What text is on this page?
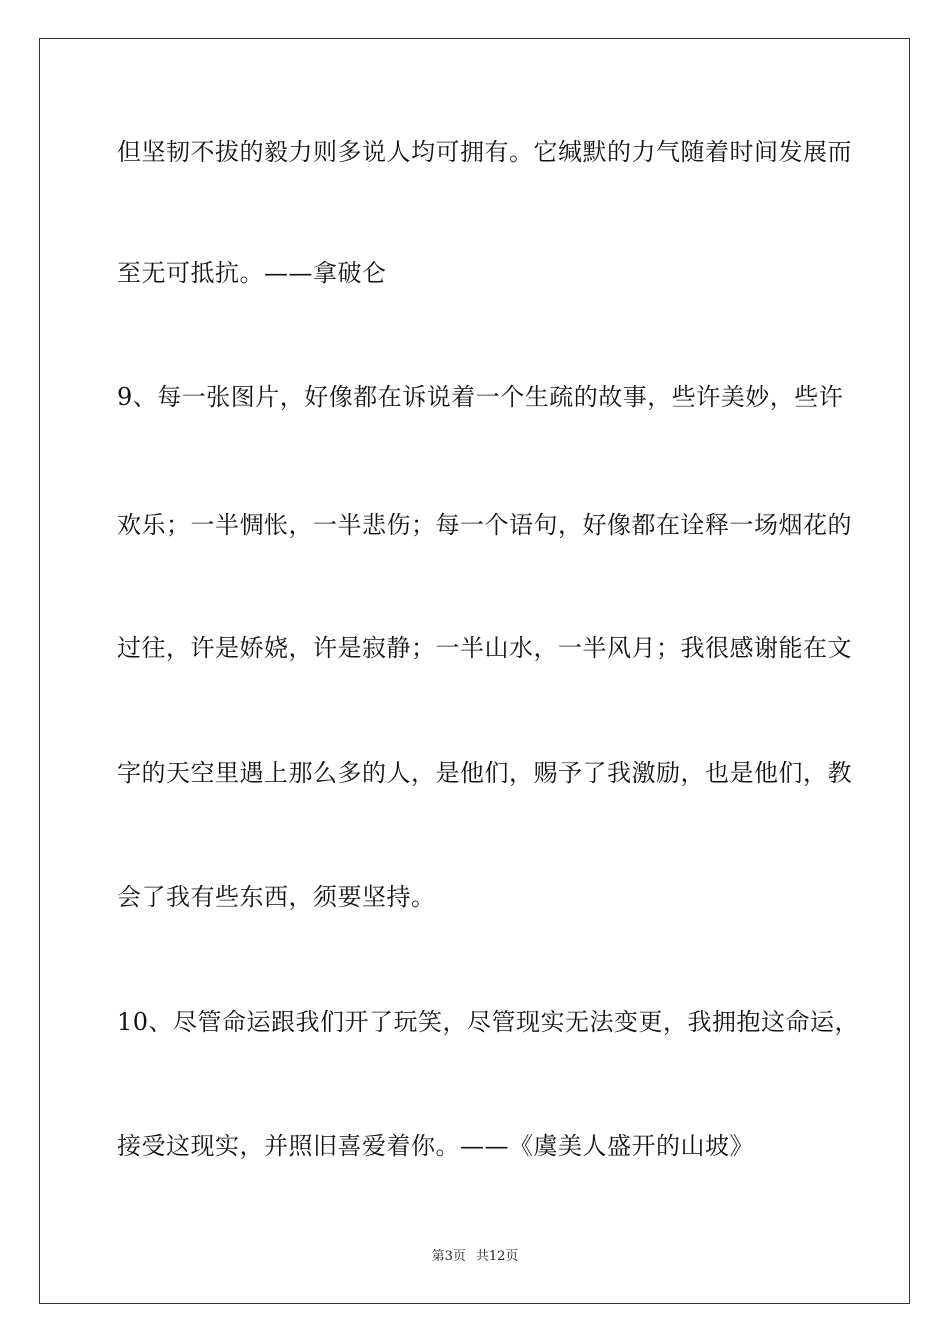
但坚韧不拔的毅力则多说人均可拥有。它缄默的力气随着时间发展而
至无可抵抗。——拿破仑
9、每一张图片，好像都在诉说着一个生疏的故事，些许美妙，些许
欢乐；一半惆怅，一半悲伤；每一个语句，好像都在诠释一场烟花的
过往，许是娇娆，许是寂静；一半山水，一半风月；我很感谢能在文
字的天空里遇上那么多的人，是他们，赐予了我激励，也是他们，教
会了我有些东西，须要坚持。
10、尽管命运跟我们开了玩笑，尽管现实无法变更，我拥抱这命运，
接受这现实，并照旧喜爱着你。——《虞美人盛开的山坡》
第3页 共12页
